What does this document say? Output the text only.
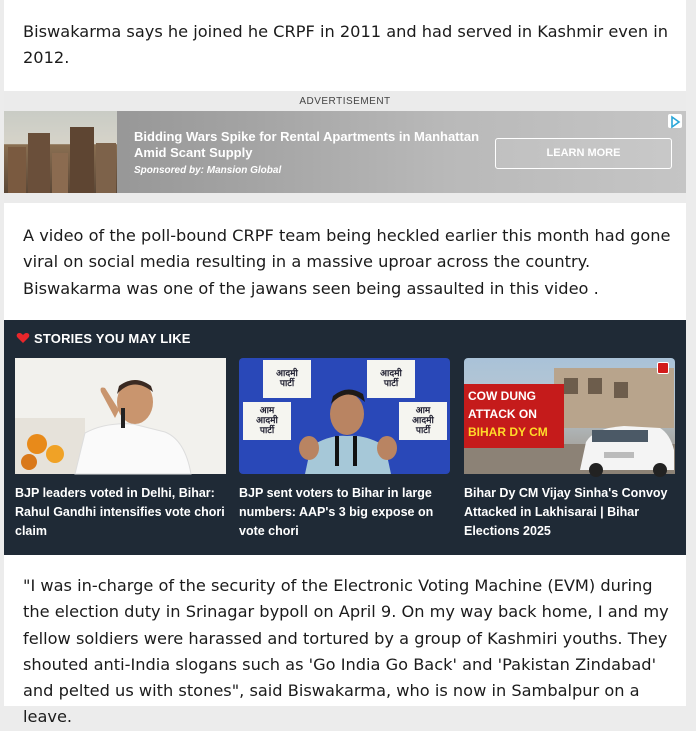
Biswakarma says he joined he CRPF in 2011 and had served in Kashmir even in 2012.

ADVERTISEMENT
Bidding Wars Spike for Rental Apartments in Manhattan Amid Scant Supply
Sponsored by: Mansion Global
LEARN MORE

A video of the poll-bound CRPF team being heckled earlier this month had gone viral on social media resulting in a massive uproar across the country. Biswakarma was one of the jawans seen being assaulted in this video .

STORIES YOU MAY LIKE
BJP leaders voted in Delhi, Bihar: Rahul Gandhi intensifies vote chori claim
आदमी
पार्टी
आदमी
पार्टी
आम
आदमी
पार्टी
आम
आदमी
पार्टी
BJP sent voters to Bihar in large numbers: AAP's 3 big expose on vote chori
COW DUNG
ATTACK ON
BIHAR DY CM
Bihar Dy CM Vijay Sinha's Convoy Attacked in Lakhisarai | Bihar Elections 2025

"I was in-charge of the security of the Electronic Voting Machine (EVM) during the election duty in Srinagar bypoll on April 9. On my way back home, I and my fellow soldiers were harassed and tortured by a group of Kashmiri youths. They shouted anti-India slogans such as 'Go India Go Back' and 'Pakistan Zindabad' and pelted us with stones", said Biswakarma, who is now in Sambalpur on a leave.
